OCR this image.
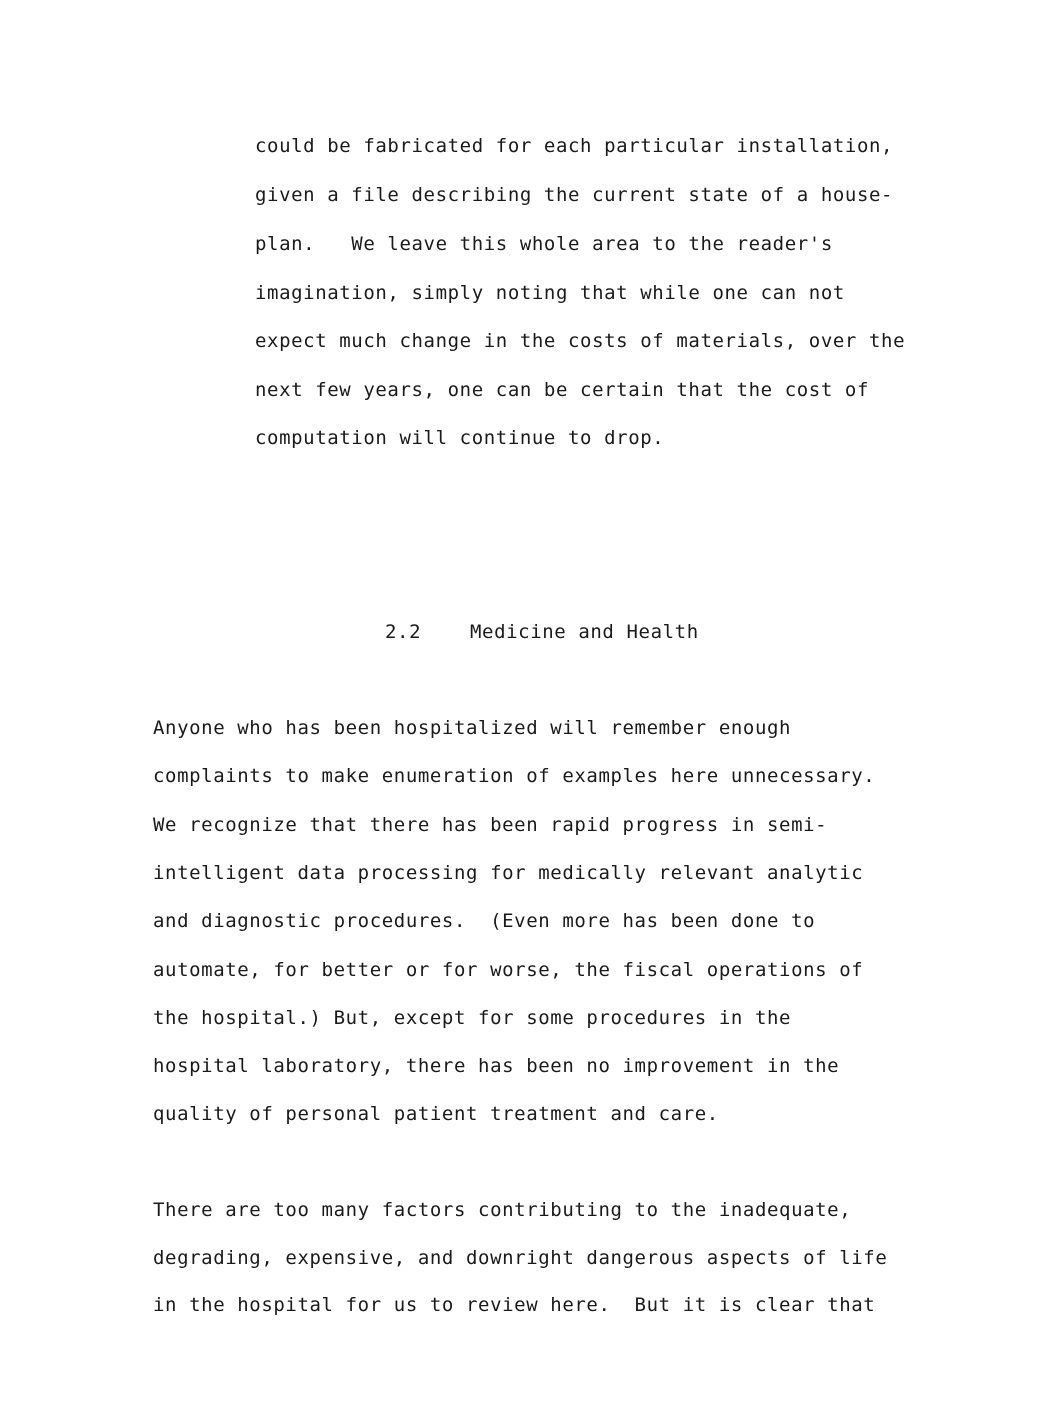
could be fabricated for each particular installation,
given a file describing the current state of a house-
plan.   We leave this whole area to the reader's
imagination, simply noting that while one can not
expect much change in the costs of materials, over the
next few years, one can be certain that the cost of
computation will continue to drop.
2.2	Medicine and Health
Anyone who has been hospitalized will remember enough
complaints to make enumeration of examples here unnecessary.
We recognize that there has been rapid progress in semi-
intelligent data processing for medically relevant analytic
and diagnostic procedures.  (Even more has been done to
automate, for better or for worse, the fiscal operations of
the hospital.) But, except for some procedures in the
hospital laboratory, there has been no improvement in the
quality of personal patient treatment and care.
There are too many factors contributing to the inadequate,
degrading, expensive, and downright dangerous aspects of life
in the hospital for us to review here.  But it is clear that
